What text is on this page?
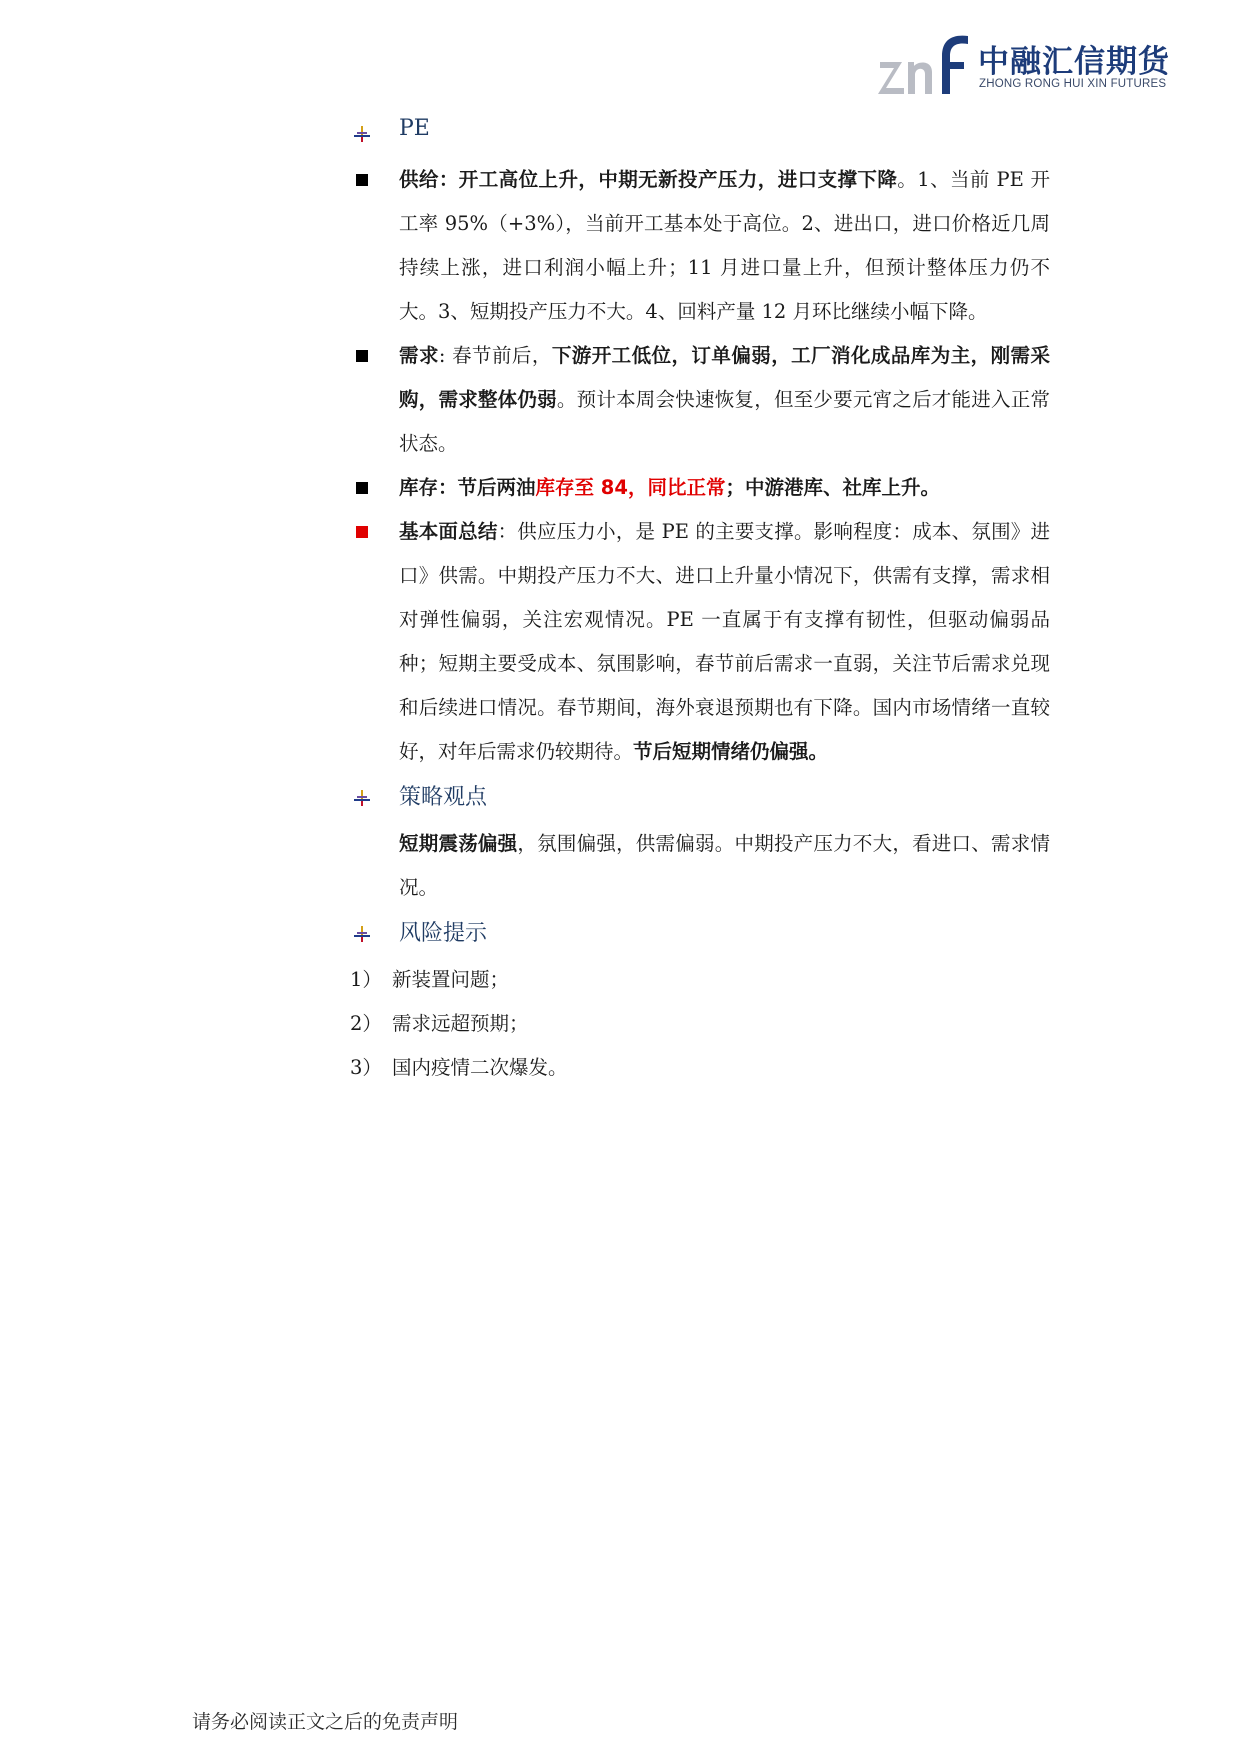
中融汇信期货
ZHONG RONG HUI XIN FUTURES
PE

供给：开工高位上升，中期无新投产压力，进口支撑下降。1、当前 PE 开工率 95%（+3%），当前开工基本处于高位。2、进出口，进口价格近几周持续上涨，进口利润小幅上升；11 月进口量上升，但预计整体压力仍不大。3、短期投产压力不大。4、回料产量 12 月环比继续小幅下降。

需求: 春节前后，下游开工低位，订单偏弱，工厂消化成品库为主，刚需采购，需求整体仍弱。预计本周会快速恢复，但至少要元宵之后才能进入正常状态。

库存：节后两油库存至 84，同比正常；中游港库、社库上升。

基本面总结：供应压力小，是 PE 的主要支撑。影响程度：成本、氛围》进口》供需。中期投产压力不大、进口上升量小情况下，供需有支撑，需求相对弹性偏弱，关注宏观情况。PE 一直属于有支撑有韧性，但驱动偏弱品种；短期主要受成本、氛围影响，春节前后需求一直弱，关注节后需求兑现和后续进口情况。春节期间，海外衰退预期也有下降。国内市场情绪一直较好，对年后需求仍较期待。节后短期情绪仍偏强。

策略观点

短期震荡偏强，氛围偏强，供需偏弱。中期投产压力不大，看进口、需求情况。

风险提示
1） 新装置问题；
2） 需求远超预期；
3） 国内疫情二次爆发。
请务必阅读正文之后的免责声明
